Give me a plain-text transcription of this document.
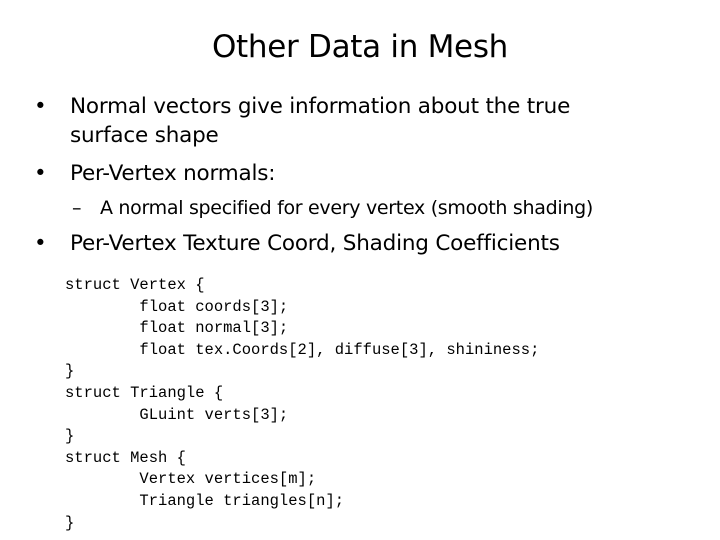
Other Data in Mesh
•	Normal vectors give information about the true
surface shape
•	Per-Vertex normals:
– A normal specified for every vertex (smooth shading)
•	Per-Vertex Texture Coord, Shading Coefficients
struct Vertex {
float coords[3];
float normal[3];
float tex.Coords[2], diffuse[3], shininess;
}
struct Triangle {
GLuint verts[3];
}
struct Mesh {
Vertex vertices[m];
Triangle triangles[n];
}
